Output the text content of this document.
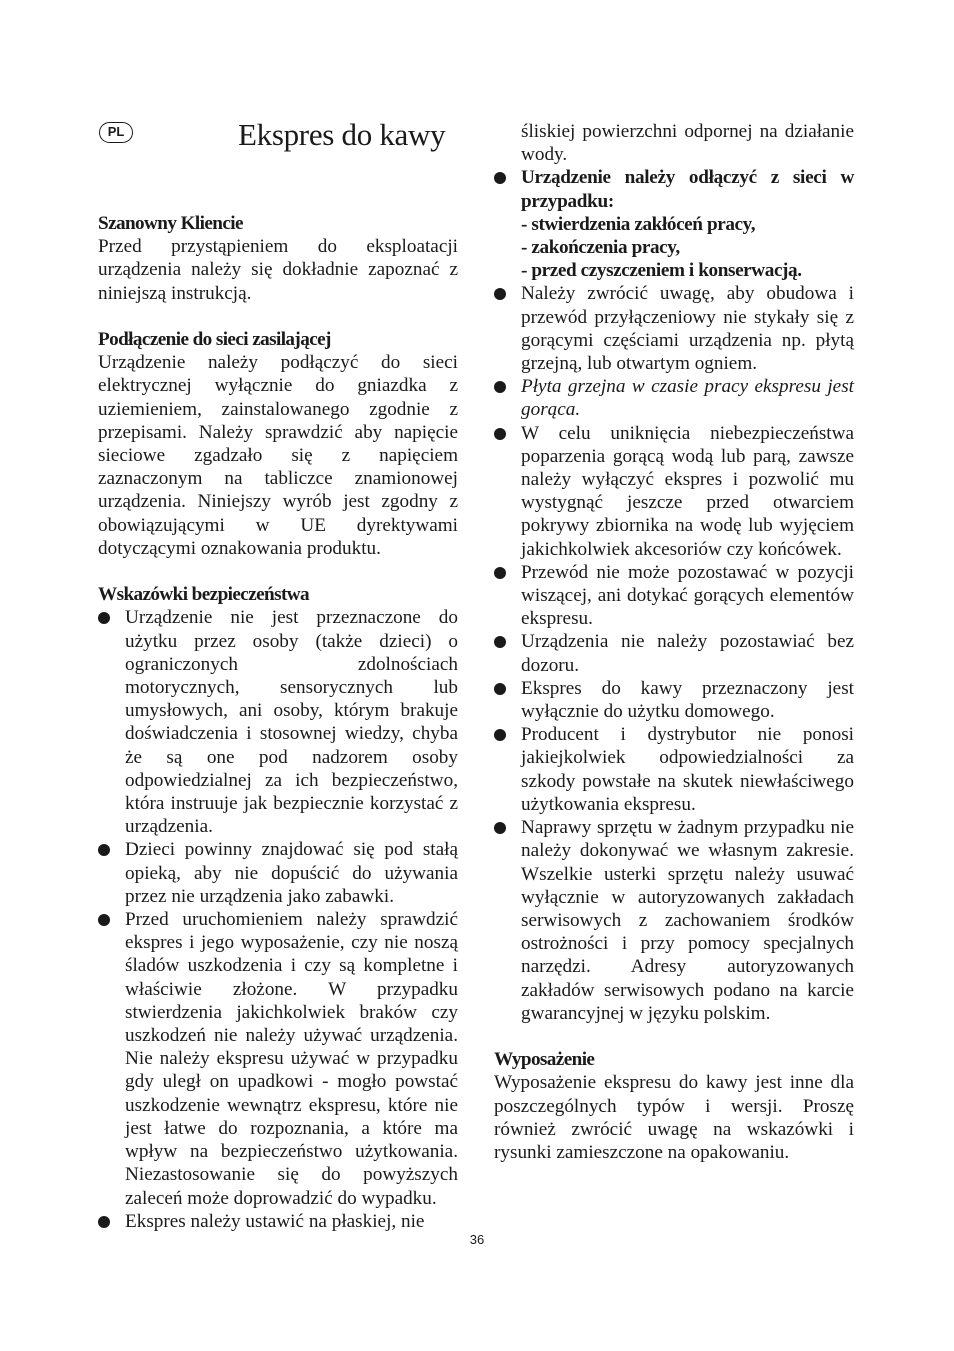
PL	Ekspres do kawy

Szanowny Kliencie

Przed przystąpieniem do eksploatacji urządzenia należy się dokładnie zapoznać z niniejszą instrukcją.

Podłączenie do sieci zasilającej

Urządzenie należy podłączyć do sieci elektrycznej wyłącznie do gniazdka z uziemieniem, zainstalowanego zgodnie z przepisami. Należy sprawdzić aby napięcie sieciowe zgadzało się z napięciem zaznaczonym na tabliczce znamionowej urządzenia. Niniejszy wyrób jest zgodny z obowiązującymi w UE dyrektywami dotyczącymi oznakowania produktu.

Wskazówki bezpieczeństwa

Urządzenie nie jest przeznaczone do użytku przez osoby (także dzieci) o ograniczonych zdolnościach motorycznych, sensorycznych lub umysłowych, ani osoby, którym brakuje doświadczenia i stosownej wiedzy, chyba że są one pod nadzorem osoby odpowiedzialnej za ich bezpieczeństwo, która instruuje jak bezpiecznie korzystać z urządzenia.
Dzieci powinny znajdować się pod stałą opieką, aby nie dopuścić do używania przez nie urządzenia jako zabawki.
Przed uruchomieniem należy sprawdzić ekspres i jego wyposażenie, czy nie noszą śladów uszkodzenia i czy są kompletne i właściwie złożone. W przypadku stwierdzenia jakichkolwiek braków czy uszkodzeń nie należy używać urządzenia. Nie należy ekspresu używać w przypadku gdy uległ on upadkowi - mogło powstać uszkodzenie wewnątrz ekspresu, które nie jest łatwe do rozpoznania, a które ma wpływ na bezpieczeństwo użytkowania. Niezastosowanie się do powyższych zaleceń może doprowadzić do wypadku.
Ekspres należy ustawić na płaskiej, nie

śliskiej powierzchni odpornej na działanie wody.

Urządzenie należy odłączyć z sieci w przypadku:
- stwierdzenia zakłóceń pracy,
- zakończenia pracy,
- przed czyszczeniem i konserwacją.
Należy zwrócić uwagę, aby obudowa i przewód przyłączeniowy nie stykały się z gorącymi częściami urządzenia np. płytą grzejną, lub otwartym ogniem.
Płyta grzejna w czasie pracy ekspresu jest gorąca.
W celu uniknięcia niebezpieczeństwa poparzenia gorącą wodą lub parą, zawsze należy wyłączyć ekspres i pozwolić mu wystygnąć jeszcze przed otwarciem pokrywy zbiornika na wodę lub wyjęciem jakichkolwiek akcesoriów czy końcówek.
Przewód nie może pozostawać w pozycji wiszącej, ani dotykać gorących elementów ekspresu.
Urządzenia nie należy pozostawiać bez dozoru.
Ekspres do kawy przeznaczony jest wyłącznie do użytku domowego.
Producent i dystrybutor nie ponosi jakiejkolwiek odpowiedzialności za szkody powstałe na skutek niewłaściwego użytkowania ekspresu.
Naprawy sprzętu w żadnym przypadku nie należy dokonywać we własnym zakresie. Wszelkie usterki sprzętu należy usuwać wyłącznie w autoryzowanych zakładach serwisowych z zachowaniem środków ostrożności i przy pomocy specjalnych narzędzi. Adresy autoryzowanych zakładów serwisowych podano na karcie gwarancyjnej w języku polskim.

Wyposażenie

Wyposażenie ekspresu do kawy jest inne dla poszczególnych typów i wersji. Proszę również zwrócić uwagę na wskazówki i rysunki zamieszczone na opakowaniu.

36
